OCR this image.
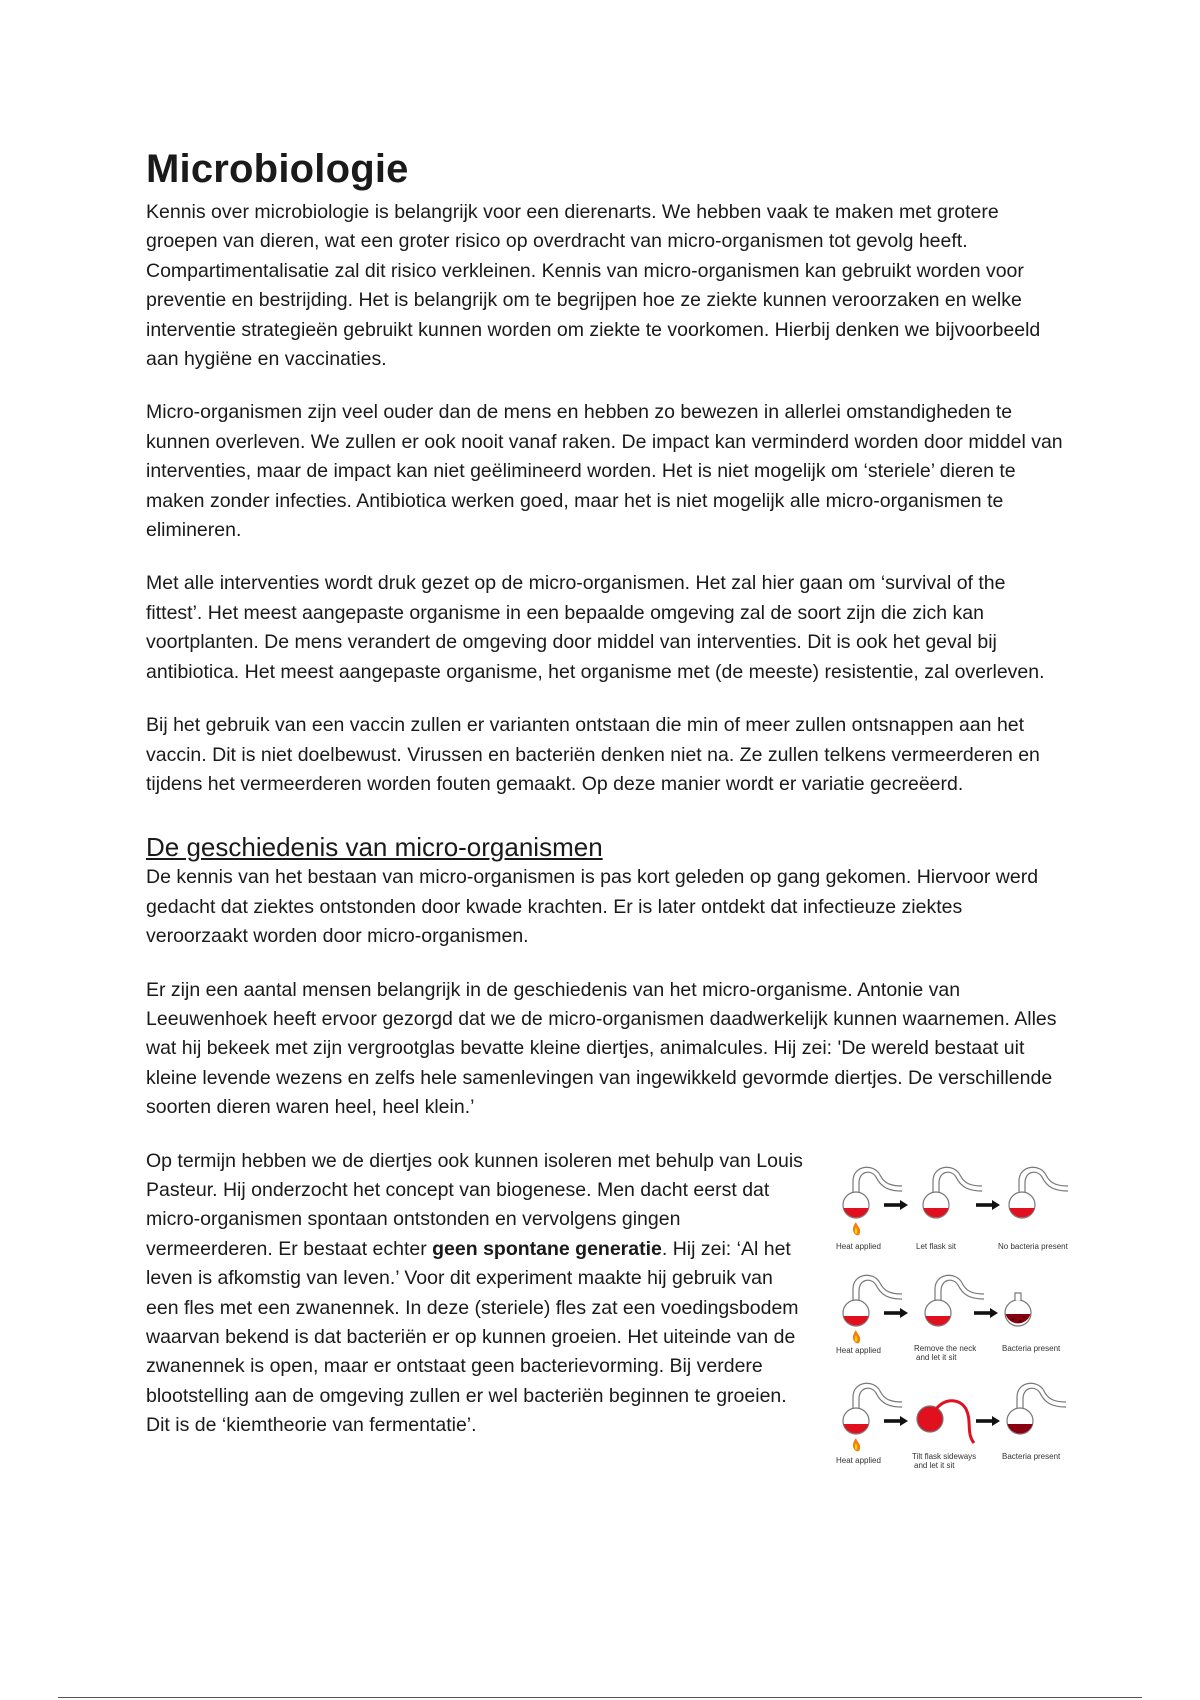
Microbiologie

Kennis over microbiologie is belangrijk voor een dierenarts. We hebben vaak te maken met grotere groepen van dieren, wat een groter risico op overdracht van micro-organismen tot gevolg heeft. Compartimentalisatie zal dit risico verkleinen. Kennis van micro-organismen kan gebruikt worden voor preventie en bestrijding. Het is belangrijk om te begrijpen hoe ze ziekte kunnen veroorzaken en welke interventie strategieën gebruikt kunnen worden om ziekte te voorkomen. Hierbij denken we bijvoorbeeld aan hygiëne en vaccinaties.

Micro-organismen zijn veel ouder dan de mens en hebben zo bewezen in allerlei omstandigheden te kunnen overleven. We zullen er ook nooit vanaf raken. De impact kan verminderd worden door middel van interventies, maar de impact kan niet geëlimineerd worden. Het is niet mogelijk om ‘steriele’ dieren te maken zonder infecties. Antibiotica werken goed, maar het is niet mogelijk alle micro-organismen te elimineren.

Met alle interventies wordt druk gezet op de micro-organismen. Het zal hier gaan om ‘survival of the fittest’. Het meest aangepaste organisme in een bepaalde omgeving zal de soort zijn die zich kan voortplanten. De mens verandert de omgeving door middel van interventies. Dit is ook het geval bij antibiotica. Het meest aangepaste organisme, het organisme met (de meeste) resistentie, zal overleven.

Bij het gebruik van een vaccin zullen er varianten ontstaan die min of meer zullen ontsnappen aan het vaccin. Dit is niet doelbewust. Virussen en bacteriën denken niet na. Ze zullen telkens vermeerderen en tijdens het vermeerderen worden fouten gemaakt. Op deze manier wordt er variatie gecreëerd.

De geschiedenis van micro-organismen

De kennis van het bestaan van micro-organismen is pas kort geleden op gang gekomen. Hiervoor werd gedacht dat ziektes ontstonden door kwade krachten. Er is later ontdekt dat infectieuze ziektes veroorzaakt worden door micro-organismen.

Er zijn een aantal mensen belangrijk in de geschiedenis van het micro-organisme. Antonie van Leeuwenhoek heeft ervoor gezorgd dat we de micro-organismen daadwerkelijk kunnen waarnemen. Alles wat hij bekeek met zijn vergrootglas bevatte kleine diertjes, animalcules. Hij zei: 'De wereld bestaat uit kleine levende wezens en zelfs hele samenlevingen van ingewikkeld gevormde diertjes. De verschillende soorten dieren waren heel, heel klein.’

Op termijn hebben we de diertjes ook kunnen isoleren met behulp van Louis Pasteur. Hij onderzocht het concept van biogenese. Men dacht eerst dat micro-organismen spontaan ontstonden en vervolgens gingen vermeerderen. Er bestaat echter geen spontane generatie. Hij zei: ‘Al het leven is afkomstig van leven.’ Voor dit experiment maakte hij gebruik van een fles met een zwanennek. In deze (steriele) fles zat een voedingsbodem waarvan bekend is dat bacteriën er op kunnen groeien. Het uiteinde van de zwanennek is open, maar er ontstaat geen bacterievorming. Bij verdere blootstelling aan de omgeving zullen er wel bacteriën beginnen te groeien. Dit is de ‘kiemtheorie van fermentatie’.

Heat applied	Let flask sit	No bacteria present
Heat applied	Remove the neck
and let it sit
Bacteria present
Heat applied	Tilt flask sideways
and let it sit
Bacteria present
